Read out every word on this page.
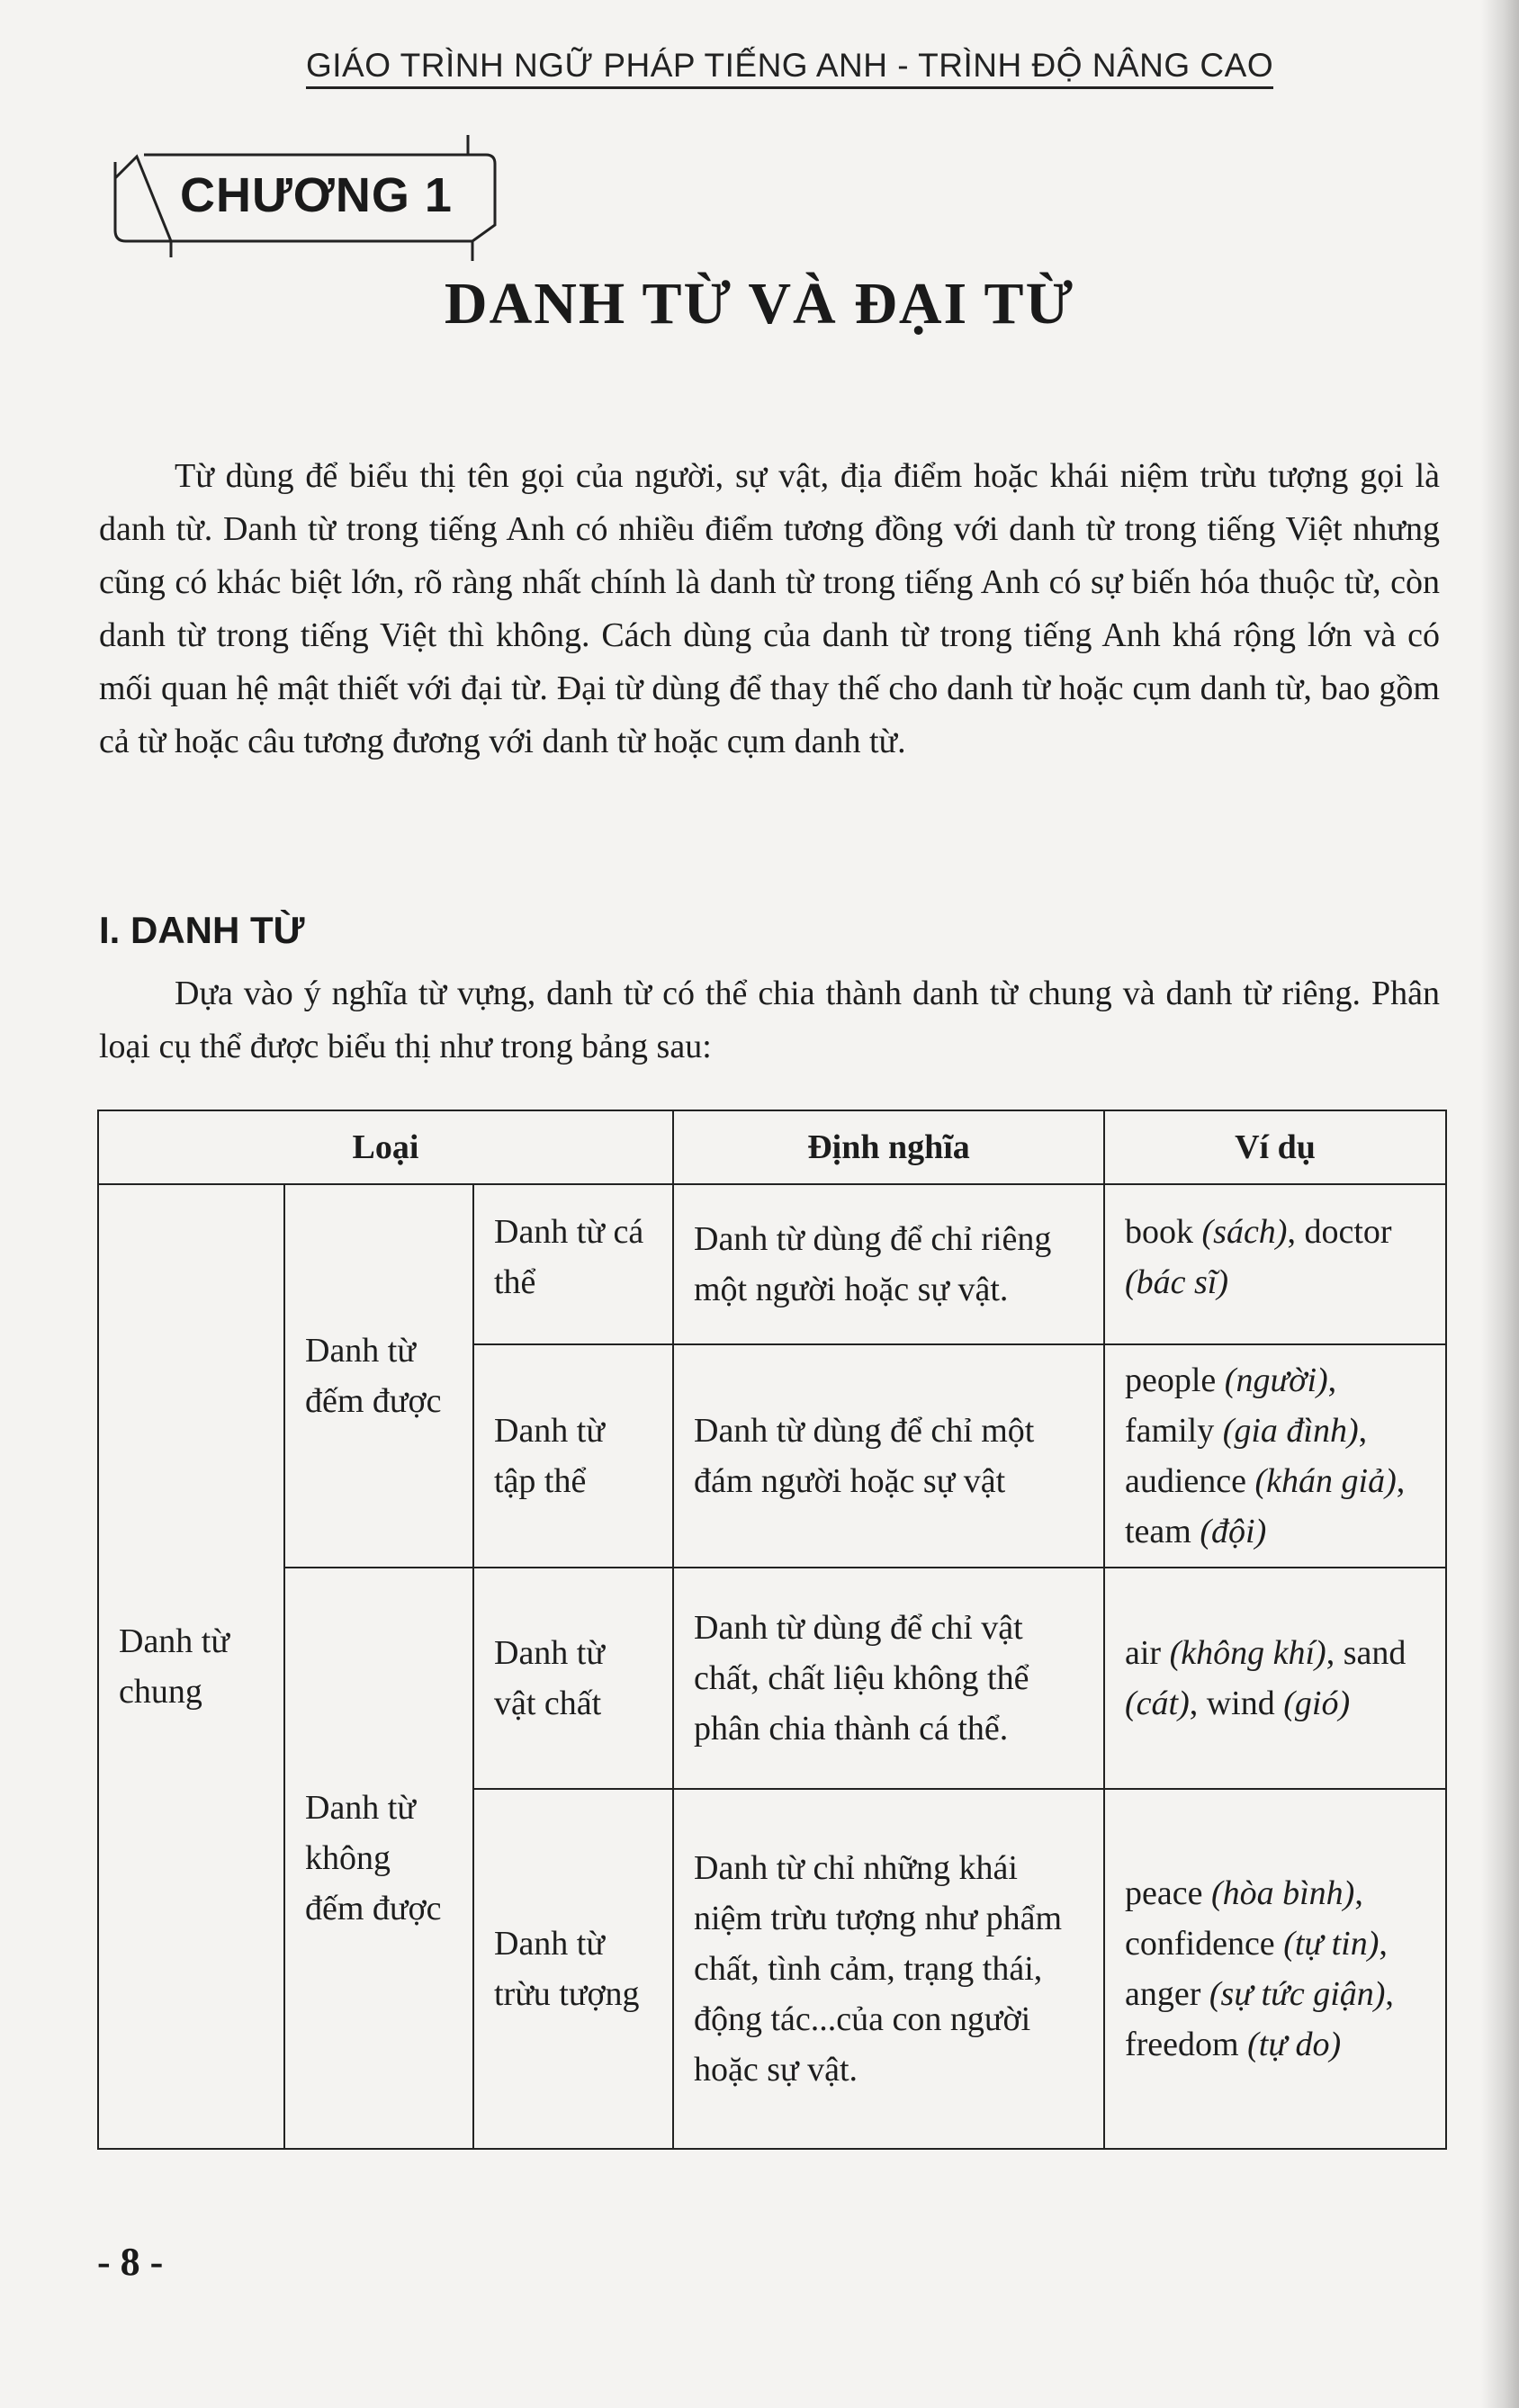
GIÁO TRÌNH NGỮ PHÁP TIẾNG ANH - TRÌNH ĐỘ NÂNG CAO
CHƯƠNG 1
DANH TỪ VÀ ĐẠI TỪ

Từ dùng để biểu thị tên gọi của người, sự vật, địa điểm hoặc khái niệm trừu tượng gọi là danh từ. Danh từ trong tiếng Anh có nhiều điểm tương đồng với danh từ trong tiếng Việt nhưng cũng có khác biệt lớn, rõ ràng nhất chính là danh từ trong tiếng Anh có sự biến hóa thuộc từ, còn danh từ trong tiếng Việt thì không. Cách dùng của danh từ trong tiếng Anh khá rộng lớn và có mối quan hệ mật thiết với đại từ. Đại từ dùng để thay thế cho danh từ hoặc cụm danh từ, bao gồm cả từ hoặc câu tương đương với danh từ hoặc cụm danh từ.

I. DANH TỪ

Dựa vào ý nghĩa từ vựng, danh từ có thể chia thành danh từ chung và danh từ riêng. Phân loại cụ thể được biểu thị như trong bảng sau:

Loại			Định nghĩa	Ví dụ
Danh từ chung	Danh từ đếm được	Danh từ cá thể	Danh từ dùng để chỉ riêng một người hoặc sự vật.	book (sách), doctor (bác sĩ)
		Danh từ tập thể	Danh từ dùng để chỉ một đám người hoặc sự vật	people (người), family (gia đình), audience (khán giả), team (đội)
	Danh từ không đếm được	Danh từ vật chất	Danh từ dùng để chỉ vật chất, chất liệu không thể phân chia thành cá thể.	air (không khí), sand (cát), wind (gió)
		Danh từ trừu tượng	Danh từ chỉ những khái niệm trừu tượng như phẩm chất, tình cảm, trạng thái, động tác...của con người hoặc sự vật.	peace (hòa bình), confidence (tự tin), anger (sự tức giận), freedom (tự do)
- 8 -
